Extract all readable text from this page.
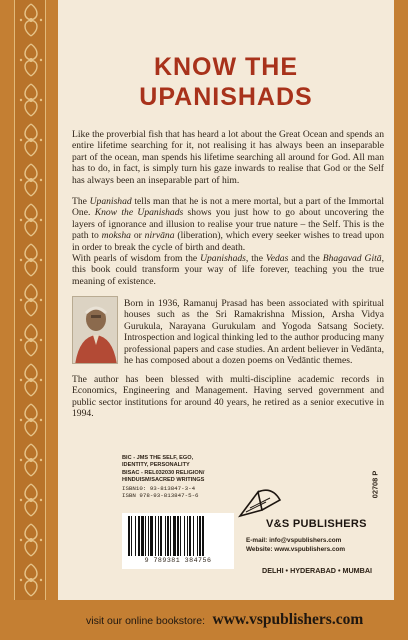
KNOW THE
UPANISHADS

Like the proverbial fish that has heard a lot about the Great Ocean and spends an entire lifetime searching for it, not realising it has always been an inseparable part of the ocean, man spends his lifetime searching all around for God. All man has to do, in fact, is simply turn his gaze inwards to realise that God or the Self has always been an inseparable part of him.

The Upanishad tells man that he is not a mere mortal, but a part of the Immortal One. Know the Upanishads shows you just how to go about uncovering the layers of ignorance and illusion to realise your true nature – the Self. This is the path to moksha or nirvāna (liberation), which every seeker wishes to tread upon in order to break the cycle of birth and death.

With pearls of wisdom from the Upanishads, the Vedas and the Bhagavad Gitā, this book could transform your way of life forever, teaching you the true meaning of existence.

Born in 1936, Ramanuj Prasad has been associated with spiritual houses such as the Sri Ramakrishna Mission, Arsha Vidya Gurukula, Narayana Gurukulam and Yogoda Satsang Society. Introspection and logical thinking led to the author producing many professional papers and case studies. An ardent believer in Vedānta, he has composed about a dozen poems on Vedāntic themes.

The author has been blessed with multi-discipline academic records in Economics, Engineering and Management. Having served government and public sector institutions for around 40 years, he retired as a senior executive in 1994.

BIC - JMS THE SELF, EGO,
IDENTITY, PERSONALITY
BISAC - REL032030 RELIGION/
HINDUISM/SACRED WRITINGS
ISBN10: 93-813847-3-4
ISBN 978-93-813847-5-6
9 789381 384756
02708 P
V&S PUBLISHERS
E-mail: info@vspublishers.com
Website: www.vspublishers.com
DELHI • HYDERABAD • MUMBAI
visit our online bookstore: www.vspublishers.com
